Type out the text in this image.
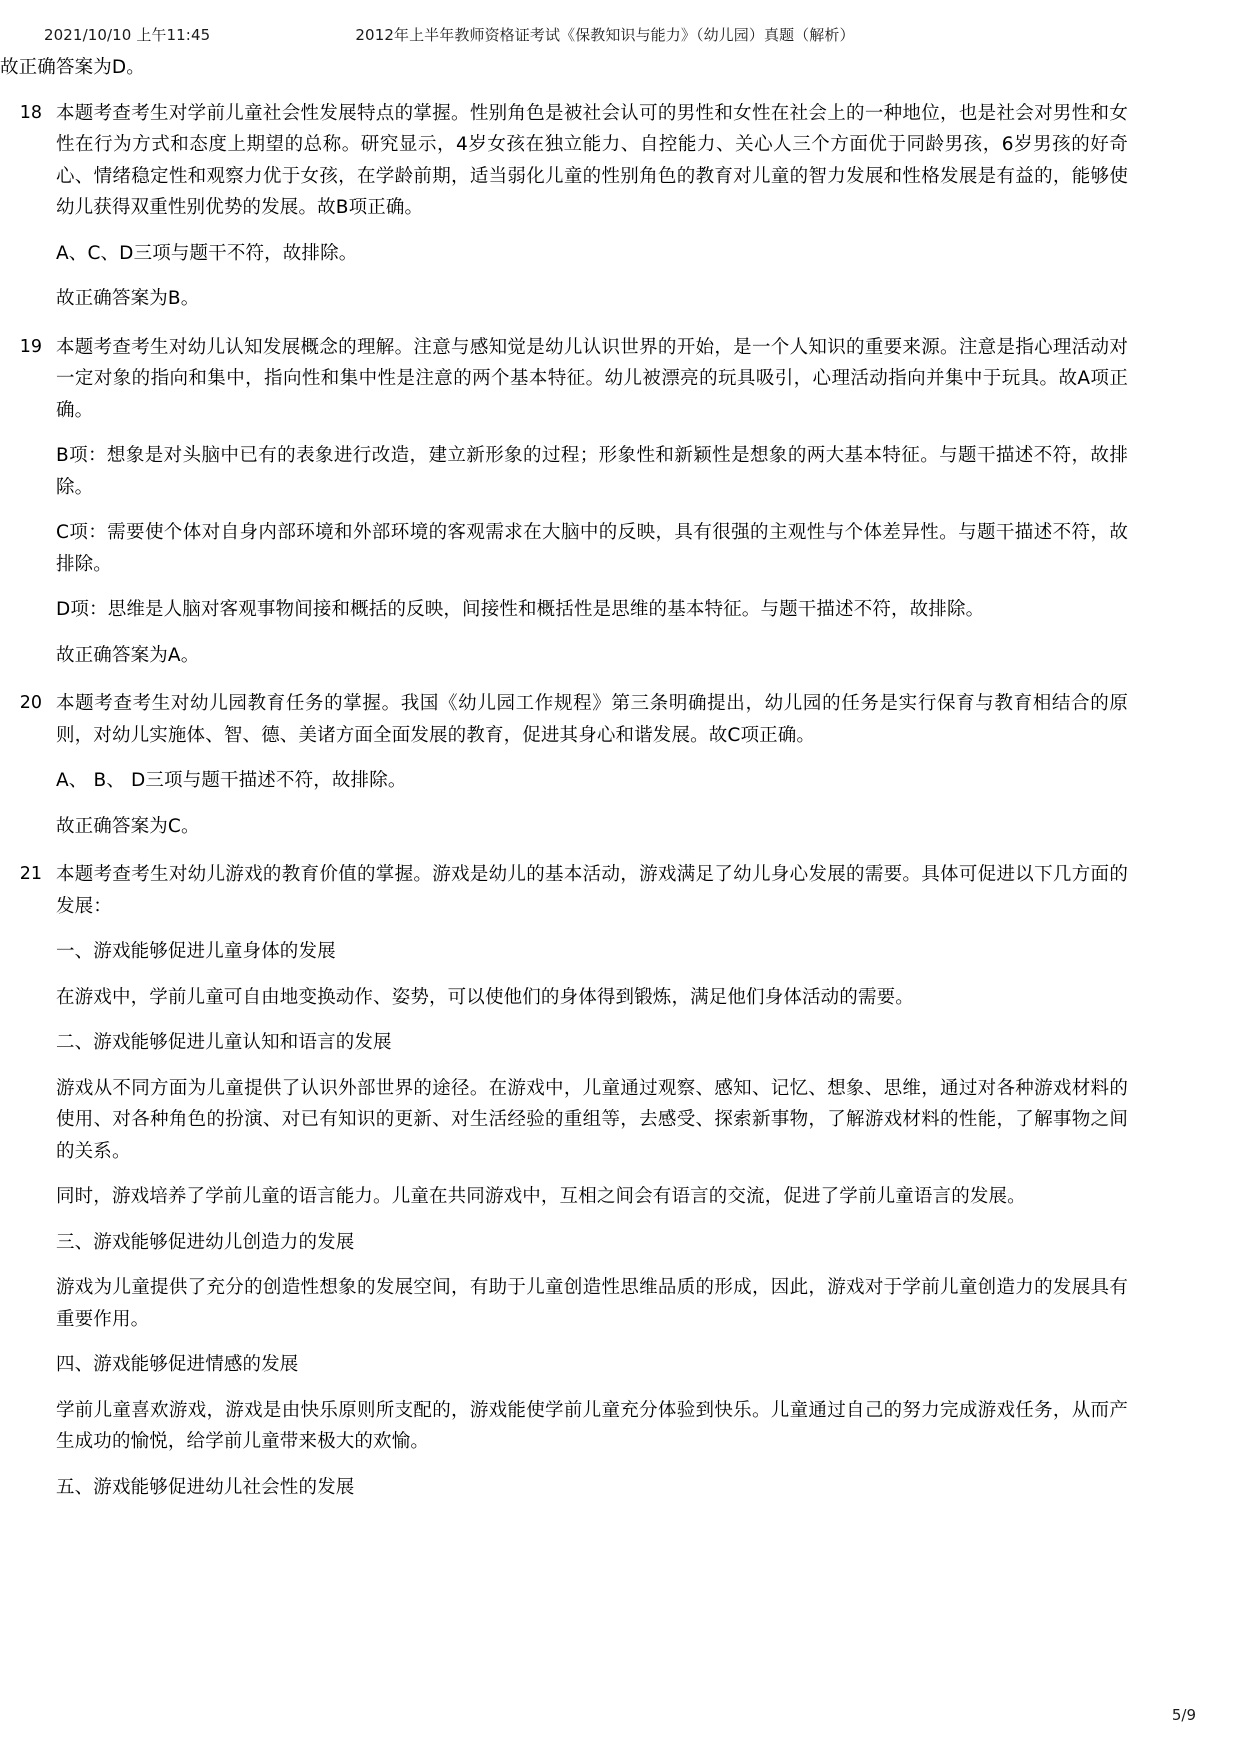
2021/10/10 上午11:45	2012年上半年教师资格证考试《保教知识与能力》（幼儿园）真题（解析）

故正确答案为D。

18 本题考查考生对学前儿童社会性发展特点的掌握。性别角色是被社会认可的男性和女性在社会上的一种地位，也是社会对男性和女性在行为方式和态度上期望的总称。研究显示，4岁女孩在独立能力、自控能力、关心人三个方面优于同龄男孩，6岁男孩的好奇心、情绪稳定性和观察力优于女孩，在学龄前期，适当弱化儿童的性别角色的教育对儿童的智力发展和性格发展是有益的，能够使幼儿获得双重性别优势的发展。故B项正确。

A、C、D三项与题干不符，故排除。

故正确答案为B。

19 本题考查考生对幼儿认知发展概念的理解。注意与感知觉是幼儿认识世界的开始，是一个人知识的重要来源。注意是指心理活动对一定对象的指向和集中，指向性和集中性是注意的两个基本特征。幼儿被漂亮的玩具吸引，心理活动指向并集中于玩具。故A项正确。

B项：想象是对头脑中已有的表象进行改造，建立新形象的过程；形象性和新颖性是想象的两大基本特征。与题干描述不符，故排除。

C项：需要使个体对自身内部环境和外部环境的客观需求在大脑中的反映，具有很强的主观性与个体差异性。与题干描述不符，故排除。

D项：思维是人脑对客观事物间接和概括的反映，间接性和概括性是思维的基本特征。与题干描述不符，故排除。

故正确答案为A。

20 本题考查考生对幼儿园教育任务的掌握。我国《幼儿园工作规程》第三条明确提出，幼儿园的任务是实行保育与教育相结合的原则，对幼儿实施体、智、德、美诸方面全面发展的教育，促进其身心和谐发展。故C项正确。

A、 B、 D三项与题干描述不符，故排除。

故正确答案为C。

21 本题考查考生对幼儿游戏的教育价值的掌握。游戏是幼儿的基本活动，游戏满足了幼儿身心发展的需要。具体可促进以下几方面的发展：

一、游戏能够促进儿童身体的发展

在游戏中，学前儿童可自由地变换动作、姿势，可以使他们的身体得到锻炼，满足他们身体活动的需要。

二、游戏能够促进儿童认知和语言的发展

游戏从不同方面为儿童提供了认识外部世界的途径。在游戏中，儿童通过观察、感知、记忆、想象、思维，通过对各种游戏材料的使用、对各种角色的扮演、对已有知识的更新、对生活经验的重组等，去感受、探索新事物，了解游戏材料的性能，了解事物之间的关系。

同时，游戏培养了学前儿童的语言能力。儿童在共同游戏中，互相之间会有语言的交流，促进了学前儿童语言的发展。

三、游戏能够促进幼儿创造力的发展

游戏为儿童提供了充分的创造性想象的发展空间，有助于儿童创造性思维品质的形成，因此，游戏对于学前儿童创造力的发展具有重要作用。

四、游戏能够促进情感的发展

学前儿童喜欢游戏，游戏是由快乐原则所支配的，游戏能使学前儿童充分体验到快乐。儿童通过自己的努力完成游戏任务，从而产生成功的愉悦，给学前儿童带来极大的欢愉。

五、游戏能够促进幼儿社会性的发展

5/9
